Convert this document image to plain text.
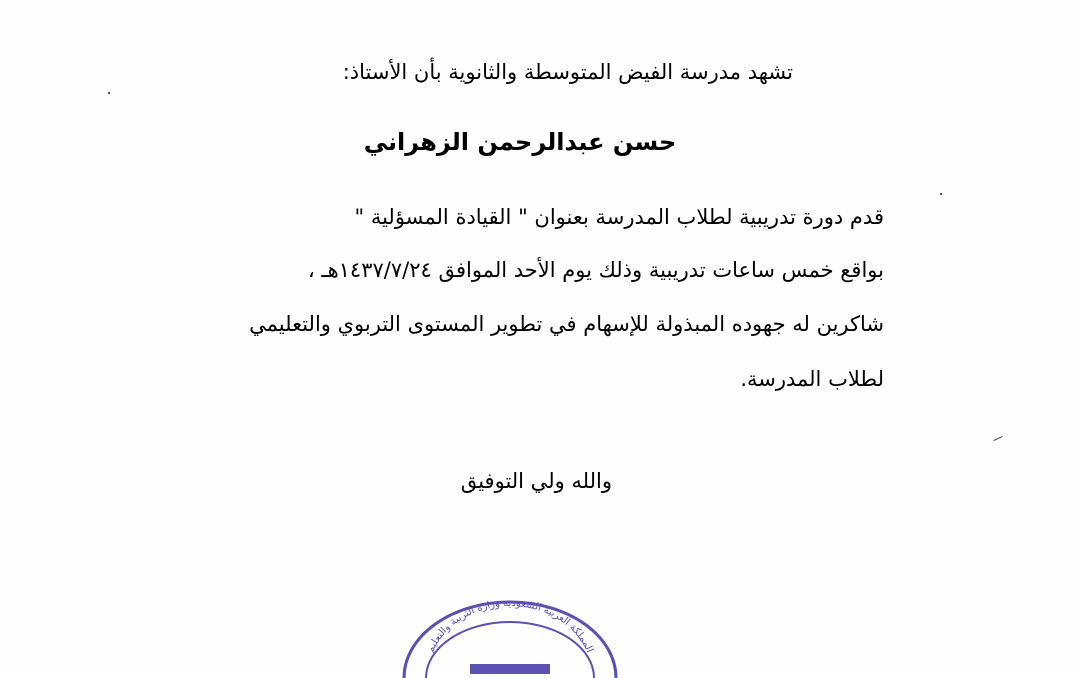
تشهد مدرسة الفيض المتوسطة والثانوية بأن الأستاذ:
حسن عبدالرحمن الزهراني
قدم دورة تدريبية لطلاب المدرسة بعنوان " القيادة المسؤلية "
بواقع خمس ساعات تدريبية وذلك يوم الأحد الموافق ١٤٣٧/٧/٢٤هـ ،
شاكرين له جهوده المبذولة للإسهام في تطوير المستوى التربوي والتعليمي
لطلاب المدرسة.
والله ولي التوفيق
المملكة العربية السعودية وزارة التربية والتعليم
